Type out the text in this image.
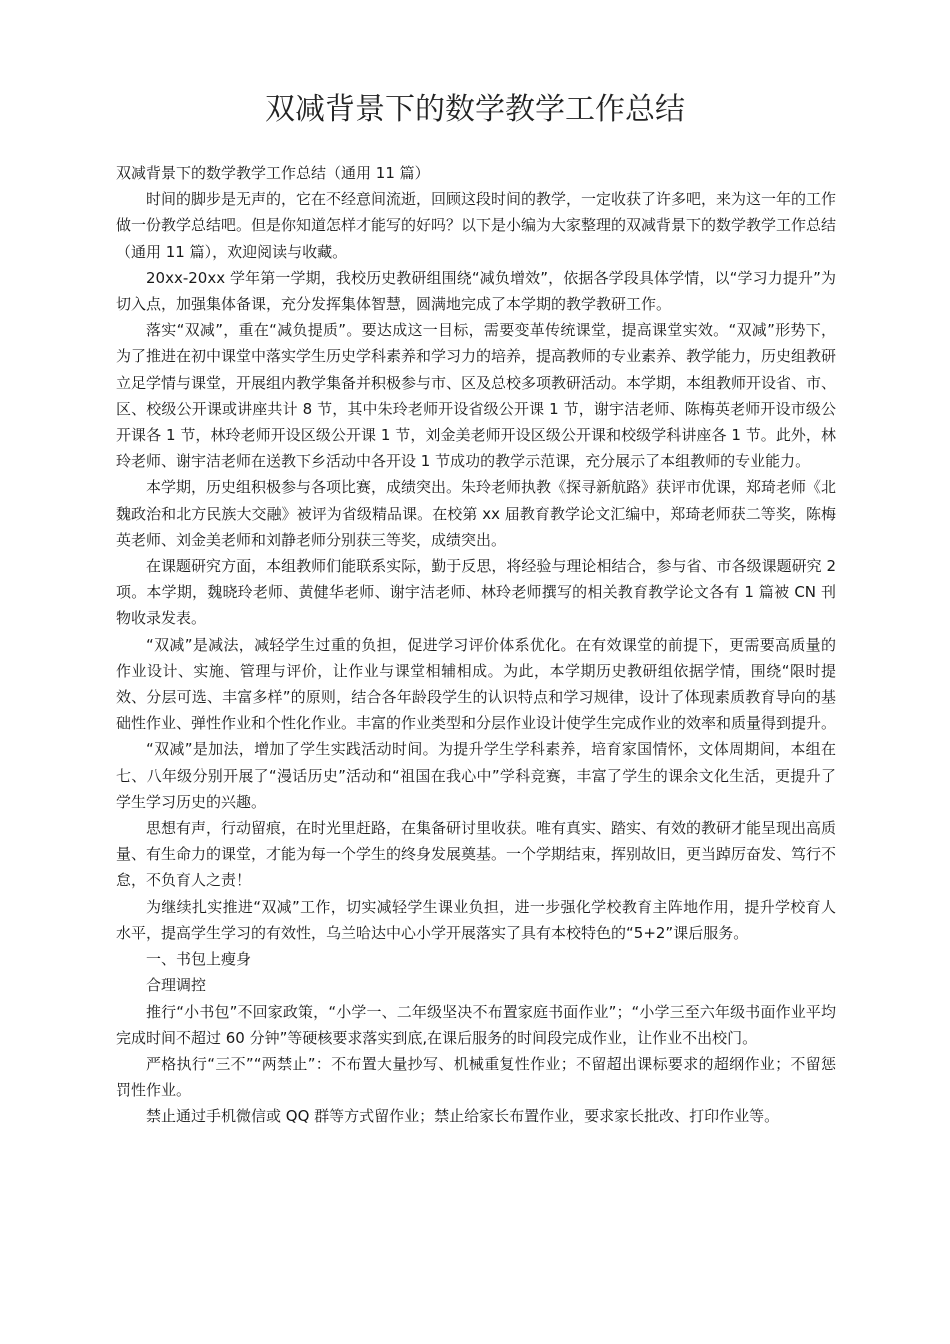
双减背景下的数学教学工作总结

双减背景下的数学教学工作总结（通用 11 篇）

时间的脚步是无声的，它在不经意间流逝，回顾这段时间的教学，一定收获了许多吧，来为这一年的工作做一份教学总结吧。但是你知道怎样才能写的好吗？以下是小编为大家整理的双减背景下的数学教学工作总结（通用 11 篇），欢迎阅读与收藏。

20xx-20xx 学年第一学期，我校历史教研组围绕“减负增效”，依据各学段具体学情，以“学习力提升”为切入点，加强集体备课，充分发挥集体智慧，圆满地完成了本学期的教学教研工作。

落实“双减”，重在“减负提质”。要达成这一目标，需要变革传统课堂，提高课堂实效。“双减”形势下，为了推进在初中课堂中落实学生历史学科素养和学习力的培养，提高教师的专业素养、教学能力，历史组教研立足学情与课堂，开展组内教学集备并积极参与市、区及总校多项教研活动。本学期，本组教师开设省、市、区、校级公开课或讲座共计 8 节，其中朱玲老师开设省级公开课 1 节，谢宇洁老师、陈梅英老师开设市级公开课各 1 节，林玲老师开设区级公开课 1 节，刘金美老师开设区级公开课和校级学科讲座各 1 节。此外，林玲老师、谢宇洁老师在送教下乡活动中各开设 1 节成功的教学示范课，充分展示了本组教师的专业能力。

本学期，历史组积极参与各项比赛，成绩突出。朱玲老师执教《探寻新航路》获评市优课，郑琦老师《北魏政治和北方民族大交融》被评为省级精品课。在校第 xx 届教育教学论文汇编中，郑琦老师获二等奖，陈梅英老师、刘金美老师和刘静老师分别获三等奖，成绩突出。

在课题研究方面，本组教师们能联系实际，勤于反思，将经验与理论相结合，参与省、市各级课题研究 2 项。本学期，魏晓玲老师、黄健华老师、谢宇洁老师、林玲老师撰写的相关教育教学论文各有 1 篇被 CN 刊物收录发表。

“双减”是减法，减轻学生过重的负担，促进学习评价体系优化。在有效课堂的前提下，更需要高质量的作业设计、实施、管理与评价，让作业与课堂相辅相成。为此，本学期历史教研组依据学情，围绕“限时提效、分层可选、丰富多样”的原则，结合各年龄段学生的认识特点和学习规律，设计了体现素质教育导向的基础性作业、弹性作业和个性化作业。丰富的作业类型和分层作业设计使学生完成作业的效率和质量得到提升。

“双减”是加法，增加了学生实践活动时间。为提升学生学科素养，培育家国情怀，文体周期间，本组在七、八年级分别开展了“漫话历史”活动和“祖国在我心中”学科竞赛，丰富了学生的课余文化生活，更提升了学生学习历史的兴趣。

思想有声，行动留痕，在时光里赶路，在集备研讨里收获。唯有真实、踏实、有效的教研才能呈现出高质量、有生命力的课堂，才能为每一个学生的终身发展奠基。一个学期结束，挥别故旧，更当踔厉奋发、笃行不怠，不负育人之责！

为继续扎实推进“双减”工作，切实减轻学生课业负担，进一步强化学校教育主阵地作用，提升学校育人水平，提高学生学习的有效性，乌兰哈达中心小学开展落实了具有本校特色的“5+2”课后服务。

一、书包上瘦身

合理调控

推行“小书包”不回家政策，“小学一、二年级坚决不布置家庭书面作业”；“小学三至六年级书面作业平均完成时间不超过 60 分钟”等硬核要求落实到底,在课后服务的时间段完成作业，让作业不出校门。

严格执行“三不”“两禁止”：不布置大量抄写、机械重复性作业；不留超出课标要求的超纲作业；不留惩罚性作业。

禁止通过手机微信或 QQ 群等方式留作业；禁止给家长布置作业，要求家长批改、打印作业等。
